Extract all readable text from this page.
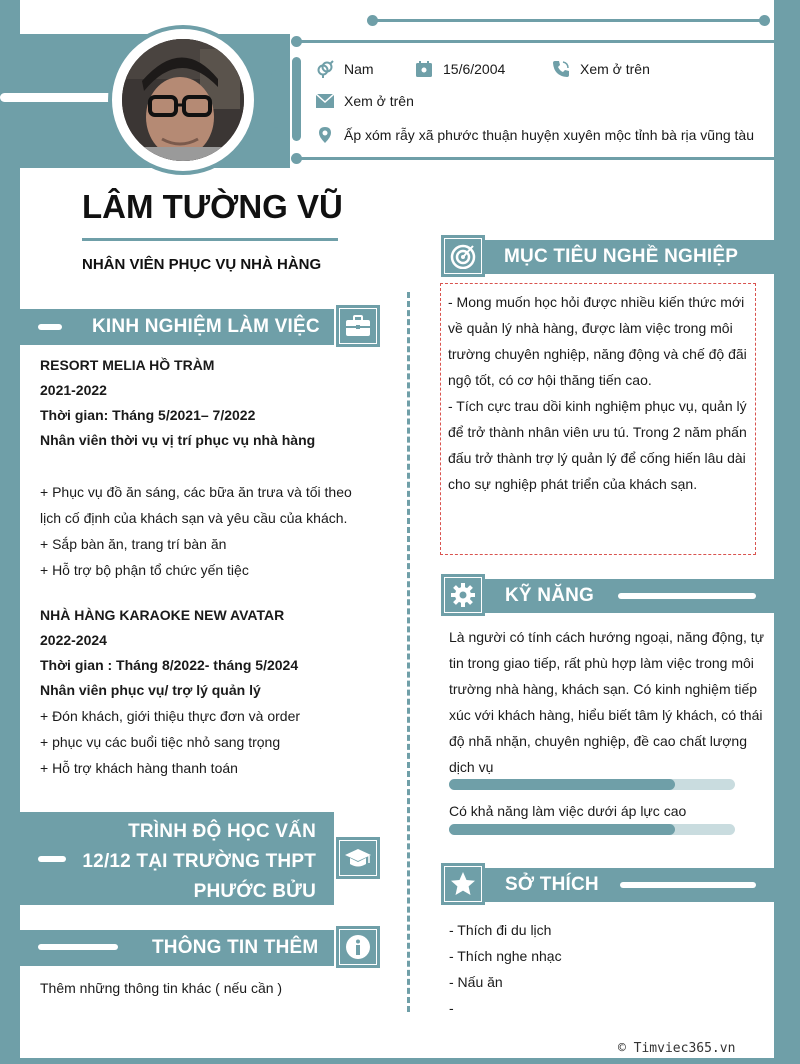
Nam	15/6/2004	Xem ở trên
Xem ở trên
Ấp xóm rẫy xã phước thuận huyện xuyên mộc tỉnh bà rịa vũng tàu
LÂM TƯỜNG VŨ
NHÂN VIÊN PHỤC VỤ NHÀ HÀNG
KINH NGHIỆM LÀM VIỆC
RESORT MELIA HỒ TRÀM
2021-2022
Thời gian: Tháng 5/2021– 7/2022
Nhân viên thời vụ vị trí phục vụ nhà hàng
+ Phục vụ đồ ăn sáng, các bữa ăn trưa và tối theo
lịch cố định của khách sạn và yêu cầu của khách.
+ Sắp bàn ăn, trang trí bàn ăn
+ Hỗ trợ bộ phận tổ chức yến tiệc
NHÀ HÀNG KARAOKE NEW AVATAR
2022-2024
Thời gian : Tháng 8/2022- tháng 5/2024
Nhân viên phục vụ/ trợ lý quản lý
+ Đón khách, giới thiệu thực đơn và order
+ phục vụ các buổi tiệc nhỏ sang trọng
+ Hỗ trợ khách hàng thanh toán
TRÌNH ĐỘ HỌC VẤN
12/12 TẠI TRƯỜNG THPT
PHƯỚC BỬU
THÔNG TIN THÊM
Thêm những thông tin khác ( nếu cần )
MỤC TIÊU NGHỀ NGHIỆP
- Mong muốn học hỏi được nhiều kiến thức mới
về quản lý nhà hàng, được làm việc trong môi
trường chuyên nghiệp, năng động và chế độ đãi
ngộ tốt, có cơ hội thăng tiến cao.
- Tích cực trau dồi kinh nghiệm phục vụ, quản lý
để trở thành nhân viên ưu tú. Trong 2 năm phấn
đấu trở thành trợ lý quản lý để cống hiến lâu dài
cho sự nghiệp phát triển của khách sạn.
KỸ NĂNG
Là người có tính cách hướng ngoại, năng động, tự
tin trong giao tiếp, rất phù hợp làm việc trong môi
trường nhà hàng, khách sạn. Có kinh nghiệm tiếp
xúc với khách hàng, hiểu biết tâm lý khách, có thái
độ nhã nhặn, chuyên nghiệp, đề cao chất lượng
dịch vụ
Có khả năng làm việc dưới áp lực cao
SỞ THÍCH
- Thích đi du lịch
- Thích nghe nhạc
- Nấu ăn
-
© Timviec365.vn
